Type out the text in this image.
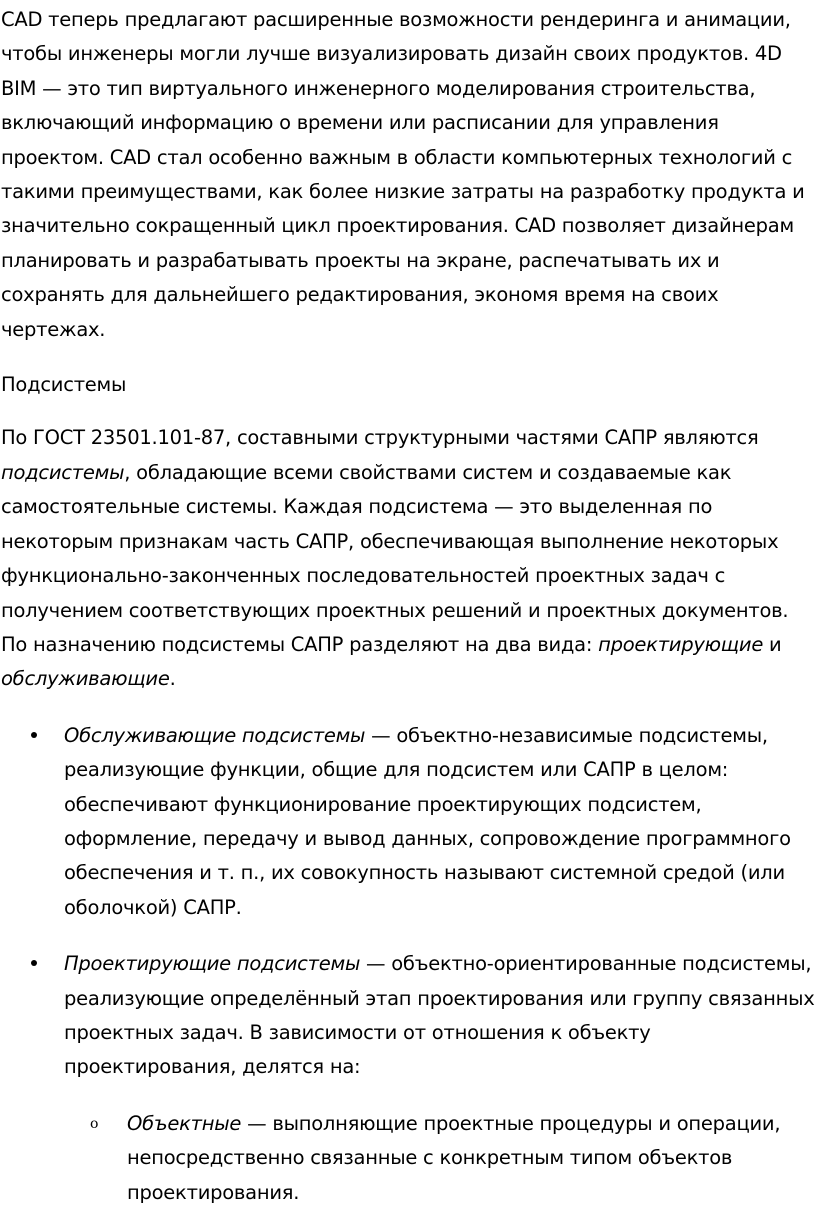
CAD теперь предлагают расширенные возможности рендеринга и анимации, чтобы инженеры могли лучше визуализировать дизайн своих продуктов. 4D BIM — это тип виртуального инженерного моделирования строительства, включающий информацию о времени или расписании для управления проектом. CAD стал особенно важным в области компьютерных технологий с такими преимуществами, как более низкие затраты на разработку продукта и значительно сокращенный цикл проектирования. CAD позволяет дизайнерам планировать и разрабатывать проекты на экране, распечатывать их и сохранять для дальнейшего редактирования, экономя время на своих чертежах.

Подсистемы

По ГОСТ 23501.101-87, составными структурными частями САПР являются подсистемы, обладающие всеми свойствами систем и создаваемые как самостоятельные системы. Каждая подсистема — это выделенная по некоторым признакам часть САПР, обеспечивающая выполнение некоторых функционально-законченных последовательностей проектных задач с получением соответствующих проектных решений и проектных документов. По назначению подсистемы САПР разделяют на два вида: проектирующие и обслуживающие.

Обслуживающие подсистемы — объектно-независимые подсистемы, реализующие функции, общие для подсистем или САПР в целом: обеспечивают функционирование проектирующих подсистем, оформление, передачу и вывод данных, сопровождение программного обеспечения и т. п., их совокупность называют системной средой (или оболочкой) САПР.
Проектирующие подсистемы — объектно-ориентированные подсистемы, реализующие определённый этап проектирования или группу связанных проектных задач. В зависимости от отношения к объекту проектирования, делятся на:
o Объектные — выполняющие проектные процедуры и операции, непосредственно связанные с конкретным типом объектов проектирования.
